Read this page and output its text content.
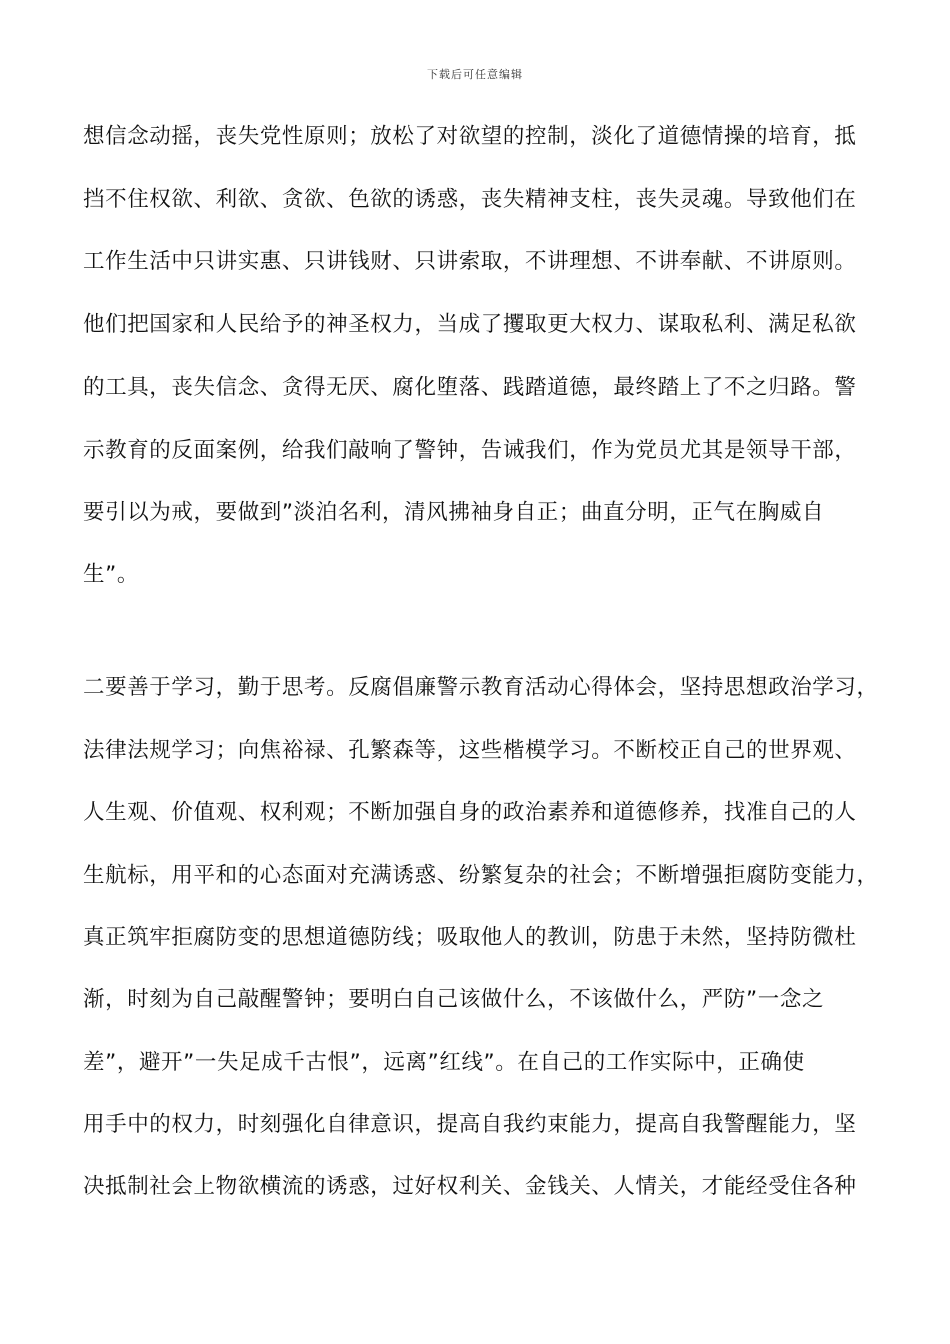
下载后可任意编辑
想信念动摇，丧失党性原则；放松了对欲望的控制，淡化了道德情操的培育，抵
挡不住权欲、利欲、贪欲、色欲的诱惑，丧失精神支柱，丧失灵魂。导致他们在
工作生活中只讲实惠、只讲钱财、只讲索取，不讲理想、不讲奉献、不讲原则。
他们把国家和人民给予的神圣权力，当成了攫取更大权力、谋取私利、满足私欲
的工具，丧失信念、贪得无厌、腐化堕落、践踏道德，最终踏上了不之归路。警
示教育的反面案例，给我们敲响了警钟，告诫我们，作为党员尤其是领导干部，
要引以为戒，要做到”淡泊名利，清风拂袖身自正；曲直分明，正气在胸威自
生”。
二要善于学习，勤于思考。反腐倡廉警示教育活动心得体会，坚持思想政治学习，
法律法规学习；向焦裕禄、孔繁森等，这些楷模学习。不断校正自己的世界观、
人生观、价值观、权利观；不断加强自身的政治素养和道德修养，找准自己的人
生航标，用平和的心态面对充满诱惑、纷繁复杂的社会；不断增强拒腐防变能力，
真正筑牢拒腐防变的思想道德防线；吸取他人的教训，防患于未然，坚持防微杜
渐，时刻为自己敲醒警钟；要明白自己该做什么，不该做什么，严防”一念之
差”，避开”一失足成千古恨”，远离”红线”。在自己的工作实际中，正确使
用手中的权力，时刻强化自律意识，提高自我约束能力，提高自我警醒能力，坚
决抵制社会上物欲横流的诱惑，过好权利关、金钱关、人情关，才能经受住各种
